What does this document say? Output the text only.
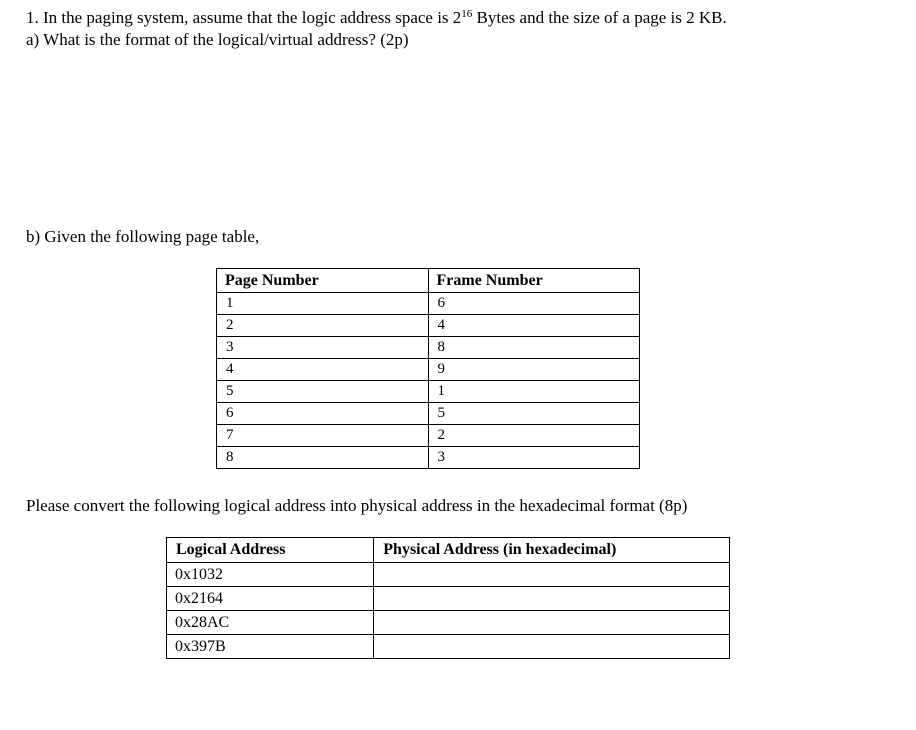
1. In the paging system, assume that the logic address space is $2^{16}$ Bytes and the size of a page is 2 KB.
a) What is the format of the logical/virtual address? (2p)
b) Given the following page table,
Page Number	Frame Number
1	6
2	4
3	8
4	9
5	1
6	5
7	2
8	3
Please convert the following logical address into physical address in the hexadecimal format (8p)
Logical Address	Physical Address (in hexadecimal)
0x1032	
0x2164	
0x28AC	
0x397B	
